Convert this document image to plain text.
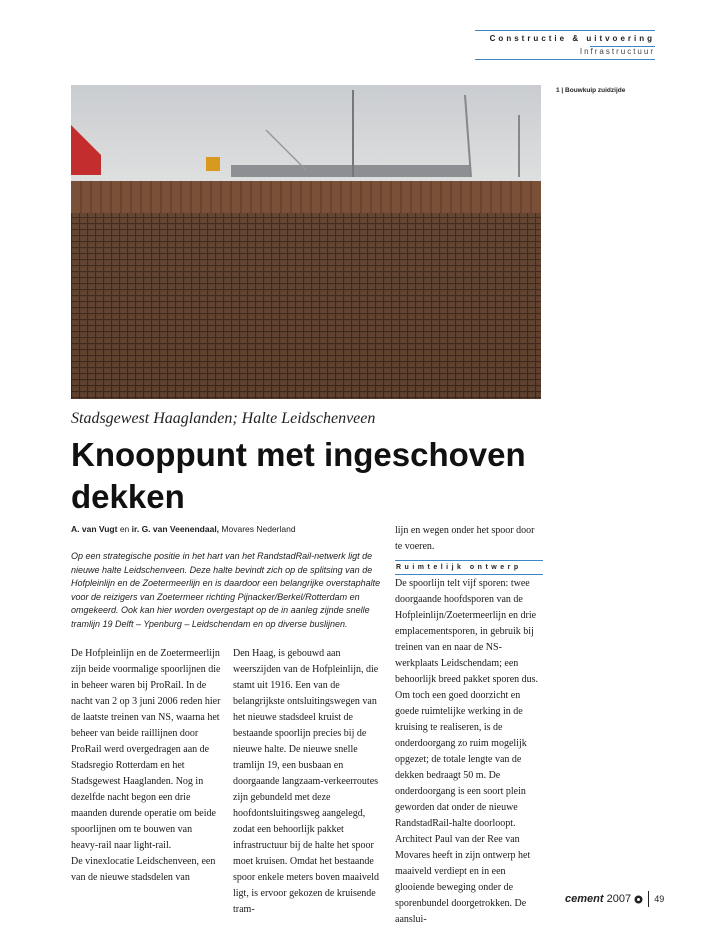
Constructie & uitvoering
Infrastructuur
1 | Bouwkuip zuidzijde
Stadsgewest Haaglanden; Halte Leidschenveen
Knooppunt met ingeschoven dekken
A. van Vugt en ir. G. van Veenendaal, Movares Nederland
Op een strategische positie in het hart van het RandstadRail-netwerk ligt de nieuwe halte Leidschenveen. Deze halte bevindt zich op de splitsing van de Hofpleinlijn en de Zoetermeerlijn en is daardoor een belangrijke overstaphalte voor de reizigers van Zoetermeer richting Pijnacker/Berkel/Rotterdam en omgekeerd. Ook kan hier worden overgestapt op de in aanleg zijnde snelle tramlijn 19 Delft – Ypenburg – Leidschendam en op diverse buslijnen.
De Hofpleinlijn en de Zoetermeerlijn zijn beide voormalige spoorlijnen die in beheer waren bij ProRail. In de nacht van 2 op 3 juni 2006 reden hier de laatste treinen van NS, waarna het beheer van beide raillijnen door ProRail werd overgedragen aan de Stadsregio Rotterdam en het Stadsgewest Haaglanden. Nog in dezelfde nacht begon een drie maanden durende operatie om beide spoorlijnen om te bouwen van heavy-rail naar light-rail.
De vinexlocatie Leidschenveen, een van de nieuwe stadsdelen van
Den Haag, is gebouwd aan weerszijden van de Hofpleinlijn, die stamt uit 1916. Een van de belangrijkste ontsluitingswegen van het nieuwe stadsdeel kruist de bestaande spoorlijn precies bij de nieuwe halte. De nieuwe snelle tramlijn 19, een busbaan en doorgaande langzaam-verkeerroutes zijn gebundeld met deze hoofdontsluitingsweg aangelegd, zodat een behoorlijk pakket infrastructuur bij de halte het spoor moet kruisen. Omdat het bestaande spoor enkele meters boven maaiveld ligt, is ervoor gekozen de kruisende tram-
lijn en wegen onder het spoor door te voeren.
Ruimtelijk ontwerp
De spoorlijn telt vijf sporen: twee doorgaande hoofdsporen van de Hofpleinlijn/Zoetermeerlijn en drie emplacementsporen, in gebruik bij treinen van en naar de NS-werkplaats Leidschendam; een behoorlijk breed pakket sporen dus. Om toch een goed doorzicht en goede ruimtelijke werking in de kruising te realiseren, is de onderdoorgang zo ruim mogelijk opgezet; de totale lengte van de dekken bedraagt 50 m. De onderdoorgang is een soort plein geworden dat onder de nieuwe RandstadRail-halte doorloopt.
Architect Paul van der Ree van Movares heeft in zijn ontwerp het maaiveld verdiept en in een glooiende beweging onder de sporenbundel doorgetrokken. De aanslui-
cement 2007	49
